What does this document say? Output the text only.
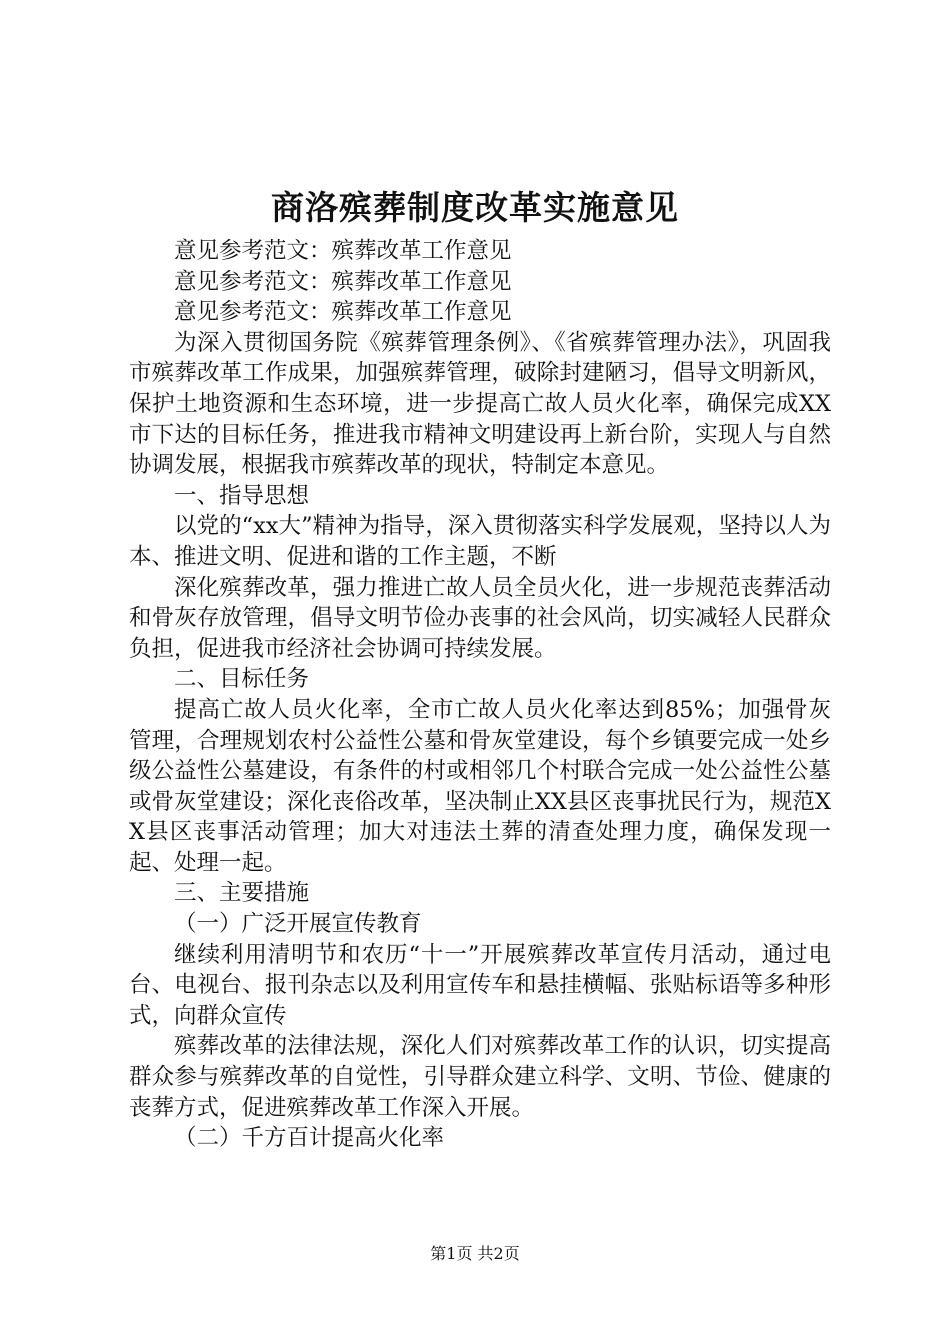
商洛殡葬制度改革实施意见

意见参考范文：殡葬改革工作意见

意见参考范文：殡葬改革工作意见

意见参考范文：殡葬改革工作意见

为深入贯彻国务院《殡葬管理条例》、《省殡葬管理办法》，巩固我市殡葬改革工作成果，加强殡葬管理，破除封建陋习，倡导文明新风，保护土地资源和生态环境，进一步提高亡故人员火化率，确保完成XX市下达的目标任务，推进我市精神文明建设再上新台阶，实现人与自然协调发展，根据我市殡葬改革的现状，特制定本意见。

一、指导思想

以党的“xx大”精神为指导，深入贯彻落实科学发展观，坚持以人为本、推进文明、促进和谐的工作主题，不断

深化殡葬改革，强力推进亡故人员全员火化，进一步规范丧葬活动和骨灰存放管理，倡导文明节俭办丧事的社会风尚，切实减轻人民群众负担，促进我市经济社会协调可持续发展。

二、目标任务

提高亡故人员火化率，全市亡故人员火化率达到85%；加强骨灰管理，合理规划农村公益性公墓和骨灰堂建设，每个乡镇要完成一处乡级公益性公墓建设，有条件的村或相邻几个村联合完成一处公益性公墓或骨灰堂建设；深化丧俗改革，坚决制止XX县区丧事扰民行为，规范XX县区丧事活动管理；加大对违法土葬的清查处理力度，确保发现一起、处理一起。

三、主要措施

（一）广泛开展宣传教育

继续利用清明节和农历“十一”开展殡葬改革宣传月活动，通过电台、电视台、报刊杂志以及利用宣传车和悬挂横幅、张贴标语等多种形式，向群众宣传

殡葬改革的法律法规，深化人们对殡葬改革工作的认识，切实提高群众参与殡葬改革的自觉性，引导群众建立科学、文明、节俭、健康的丧葬方式，促进殡葬改革工作深入开展。

（二）千方百计提高火化率

第1页 共2页
